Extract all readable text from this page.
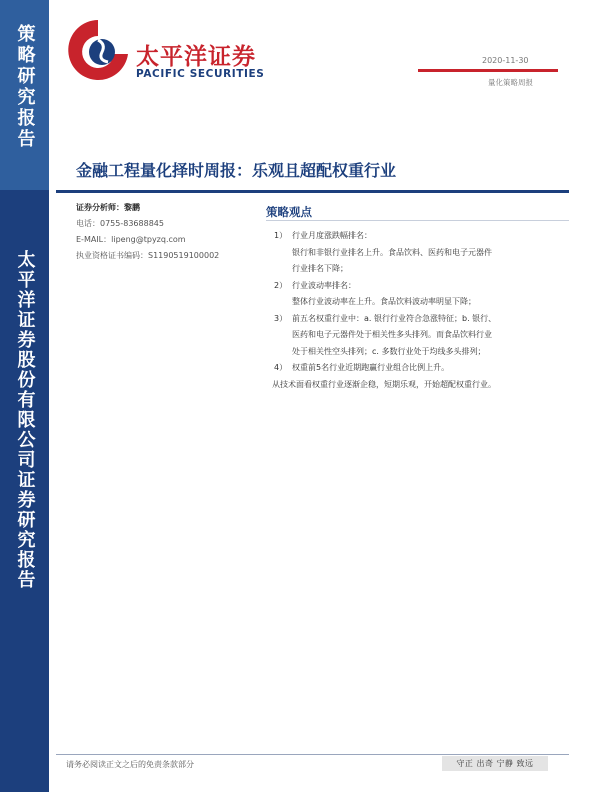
策略研究报告
太平洋证券股份有限公司证券研究报告
太平洋证券
PACIFIC SECURITIES
2020-11-30
量化策略周报
金融工程量化择时周报：乐观且超配权重行业
证券分析师：黎鹏
电话：0755-83688845
E-MAIL：lipeng@tpyzq.com
执业资格证书编码：S1190519100002
策略观点
1） 行业月度涨跌幅排名：
银行和非银行业排名上升。食品饮料、医药和电子元器件
行业排名下降；
2） 行业波动率排名：
整体行业波动率在上升。食品饮料波动率明显下降；
3） 前五名权重行业中：a. 银行行业符合急涨特征；b. 银行、
医药和电子元器件处于相关性多头排列。而食品饮料行业
处于相关性空头排列；c. 多数行业处于均线多头排列；
4） 权重前5名行业近期跑赢行业组合比例上升。
从技术面看权重行业逐渐企稳，短期乐观，开始超配权重行业。
请务必阅读正文之后的免责条款部分	守正 出奇 宁静 致远
